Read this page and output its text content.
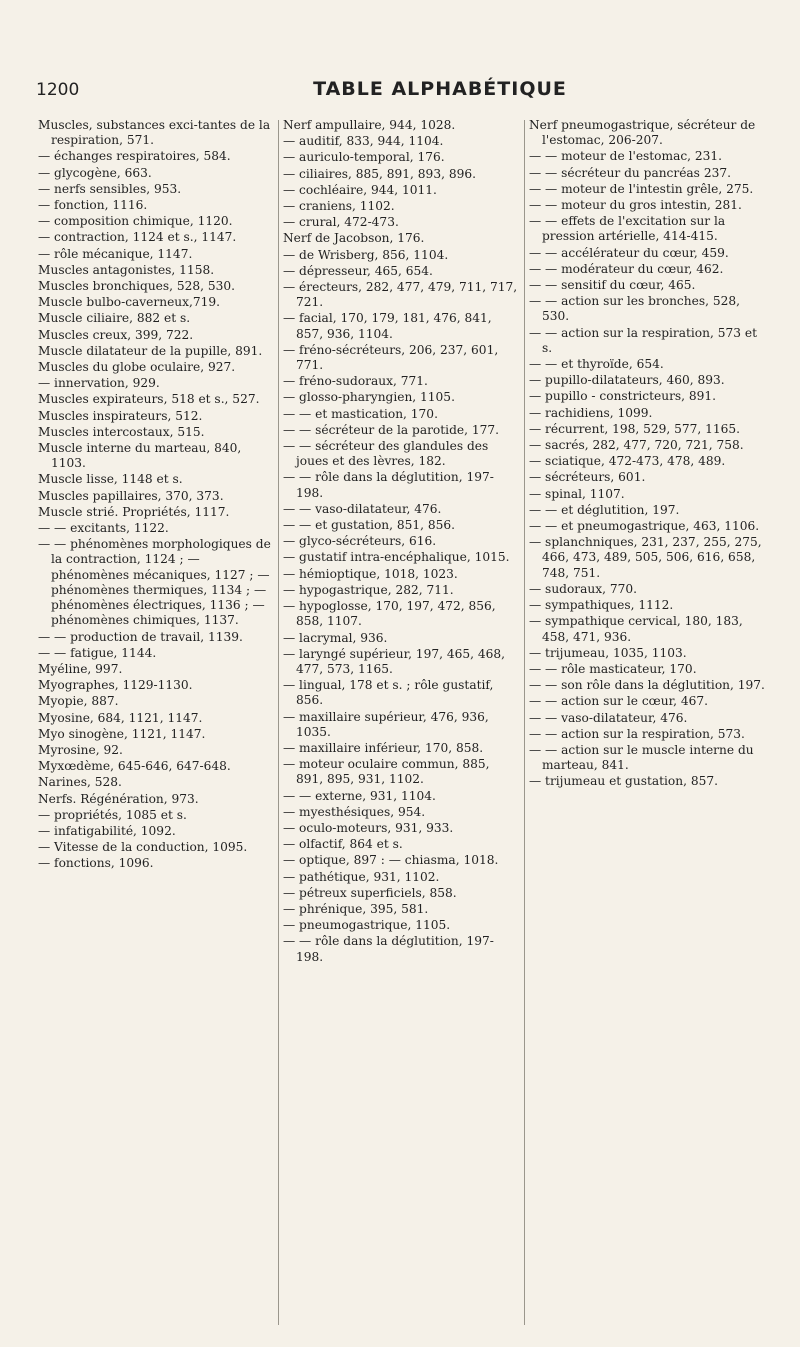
1200	TABLE ALPHABÉTIQUE

Muscles, substances exci-tantes de la respiration, 571.

— échanges respiratoires, 584.

— glycogène, 663.

— nerfs sensibles, 953.

— fonction, 1116.

— composition chimique, 1120.

— contraction, 1124 et s., 1147.

— rôle mécanique, 1147.

Muscles antagonistes, 1158.

Muscles bronchiques, 528, 530.

Muscle bulbo-caverneux,719.

Muscle ciliaire, 882 et s.

Muscles creux, 399, 722.

Muscle dilatateur de la pupille, 891.

Muscles du globe oculaire, 927.

— innervation, 929.

Muscles expirateurs, 518 et s., 527.

Muscles inspirateurs, 512.

Muscles intercostaux, 515.

Muscle interne du marteau, 840, 1103.

Muscle lisse, 1148 et s.

Muscles papillaires, 370, 373.

Muscle strié. Propriétés, 1117.

— — excitants, 1122.

— — phénomènes morphologiques de la contraction, 1124 ; — phénomènes mécaniques, 1127 ; — phénomènes thermiques, 1134 ; —phénomènes électriques, 1136 ; — phénomènes chimiques, 1137.

— — production de travail, 1139.

— — fatigue, 1144.

Myéline, 997.

Myographes, 1129-1130.

Myopie, 887.

Myosine, 684, 1121, 1147.

Myo sinogène, 1121, 1147.

Myrosine, 92.

Myxœdème, 645-646, 647-648.

Narines, 528.

Nerfs. Régénération, 973.

— propriétés, 1085 et s.

— infatigabilité, 1092.

— Vitesse de la conduction, 1095.

— fonctions, 1096.

Nerf ampullaire, 944, 1028.

— auditif, 833, 944, 1104.

— auriculo-temporal, 176.

— ciliaires, 885, 891, 893, 896.

— cochléaire, 944, 1011.

— craniens, 1102.

— crural, 472-473.

Nerf de Jacobson, 176.

— de Wrisberg, 856, 1104.

— dépresseur, 465, 654.

— érecteurs, 282, 477, 479, 711, 717, 721.

— facial, 170, 179, 181, 476, 841, 857, 936, 1104.

— fréno-sécréteurs, 206, 237, 601, 771.

— fréno-sudoraux, 771.

— glosso-pharyngien, 1105.

— — et mastication, 170.

— — sécréteur de la parotide, 177.

— — sécréteur des glandules des joues et des lèvres, 182.

— — rôle dans la déglutition, 197-198.

— — vaso-dilatateur, 476.

— — et gustation, 851, 856.

— glyco-sécréteurs, 616.

— gustatif intra-encéphalique, 1015.

— hémioptique, 1018, 1023.

— hypogastrique, 282, 711.

— hypoglosse, 170, 197, 472, 856, 858, 1107.

— lacrymal, 936.

— laryngé supérieur, 197, 465, 468, 477, 573, 1165.

— lingual, 178 et s. ; rôle gustatif, 856.

— maxillaire supérieur, 476, 936, 1035.

— maxillaire inférieur, 170, 858.

— moteur oculaire commun, 885, 891, 895, 931, 1102.

— — externe, 931, 1104.

— myesthésiques, 954.

— oculo-moteurs, 931, 933.

— olfactif, 864 et s.

— optique, 897 : — chiasma, 1018.

— pathétique, 931, 1102.

— pétreux superficiels, 858.

— phrénique, 395, 581.

— pneumogastrique, 1105.

— — rôle dans la déglutition, 197-198.

Nerf pneumogastrique, sécréteur de l'estomac, 206-207.

— — moteur de l'estomac, 231.

— — sécréteur du pancréas 237.

— — moteur de l'intestin grêle, 275.

— — moteur du gros intestin, 281.

— — effets de l'excitation sur la pression artérielle, 414-415.

— — accélérateur du cœur, 459.

— — modérateur du cœur, 462.

— — sensitif du cœur, 465.

— — action sur les bronches, 528, 530.

— — action sur la respiration, 573 et s.

— — et thyroïde, 654.

— pupillo-dilatateurs, 460, 893.

— pupillo - constricteurs, 891.

— rachidiens, 1099.

— récurrent, 198, 529, 577, 1165.

— sacrés, 282, 477, 720, 721, 758.

— sciatique, 472-473, 478, 489.

— sécréteurs, 601.

— spinal, 1107.

— — et déglutition, 197.

— — et pneumogastrique, 463, 1106.

— splanchniques, 231, 237, 255, 275, 466, 473, 489, 505, 506, 616, 658, 748, 751.

— sudoraux, 770.

— sympathiques, 1112.

— sympathique cervical, 180, 183, 458, 471, 936.

— trijumeau, 1035, 1103.

— — rôle masticateur, 170.

— — son rôle dans la déglutition, 197.

— — action sur le cœur, 467.

— — vaso-dilatateur, 476.

— — action sur la respiration, 573.

— — action sur le muscle interne du marteau, 841.

— trijumeau et gustation, 857.
